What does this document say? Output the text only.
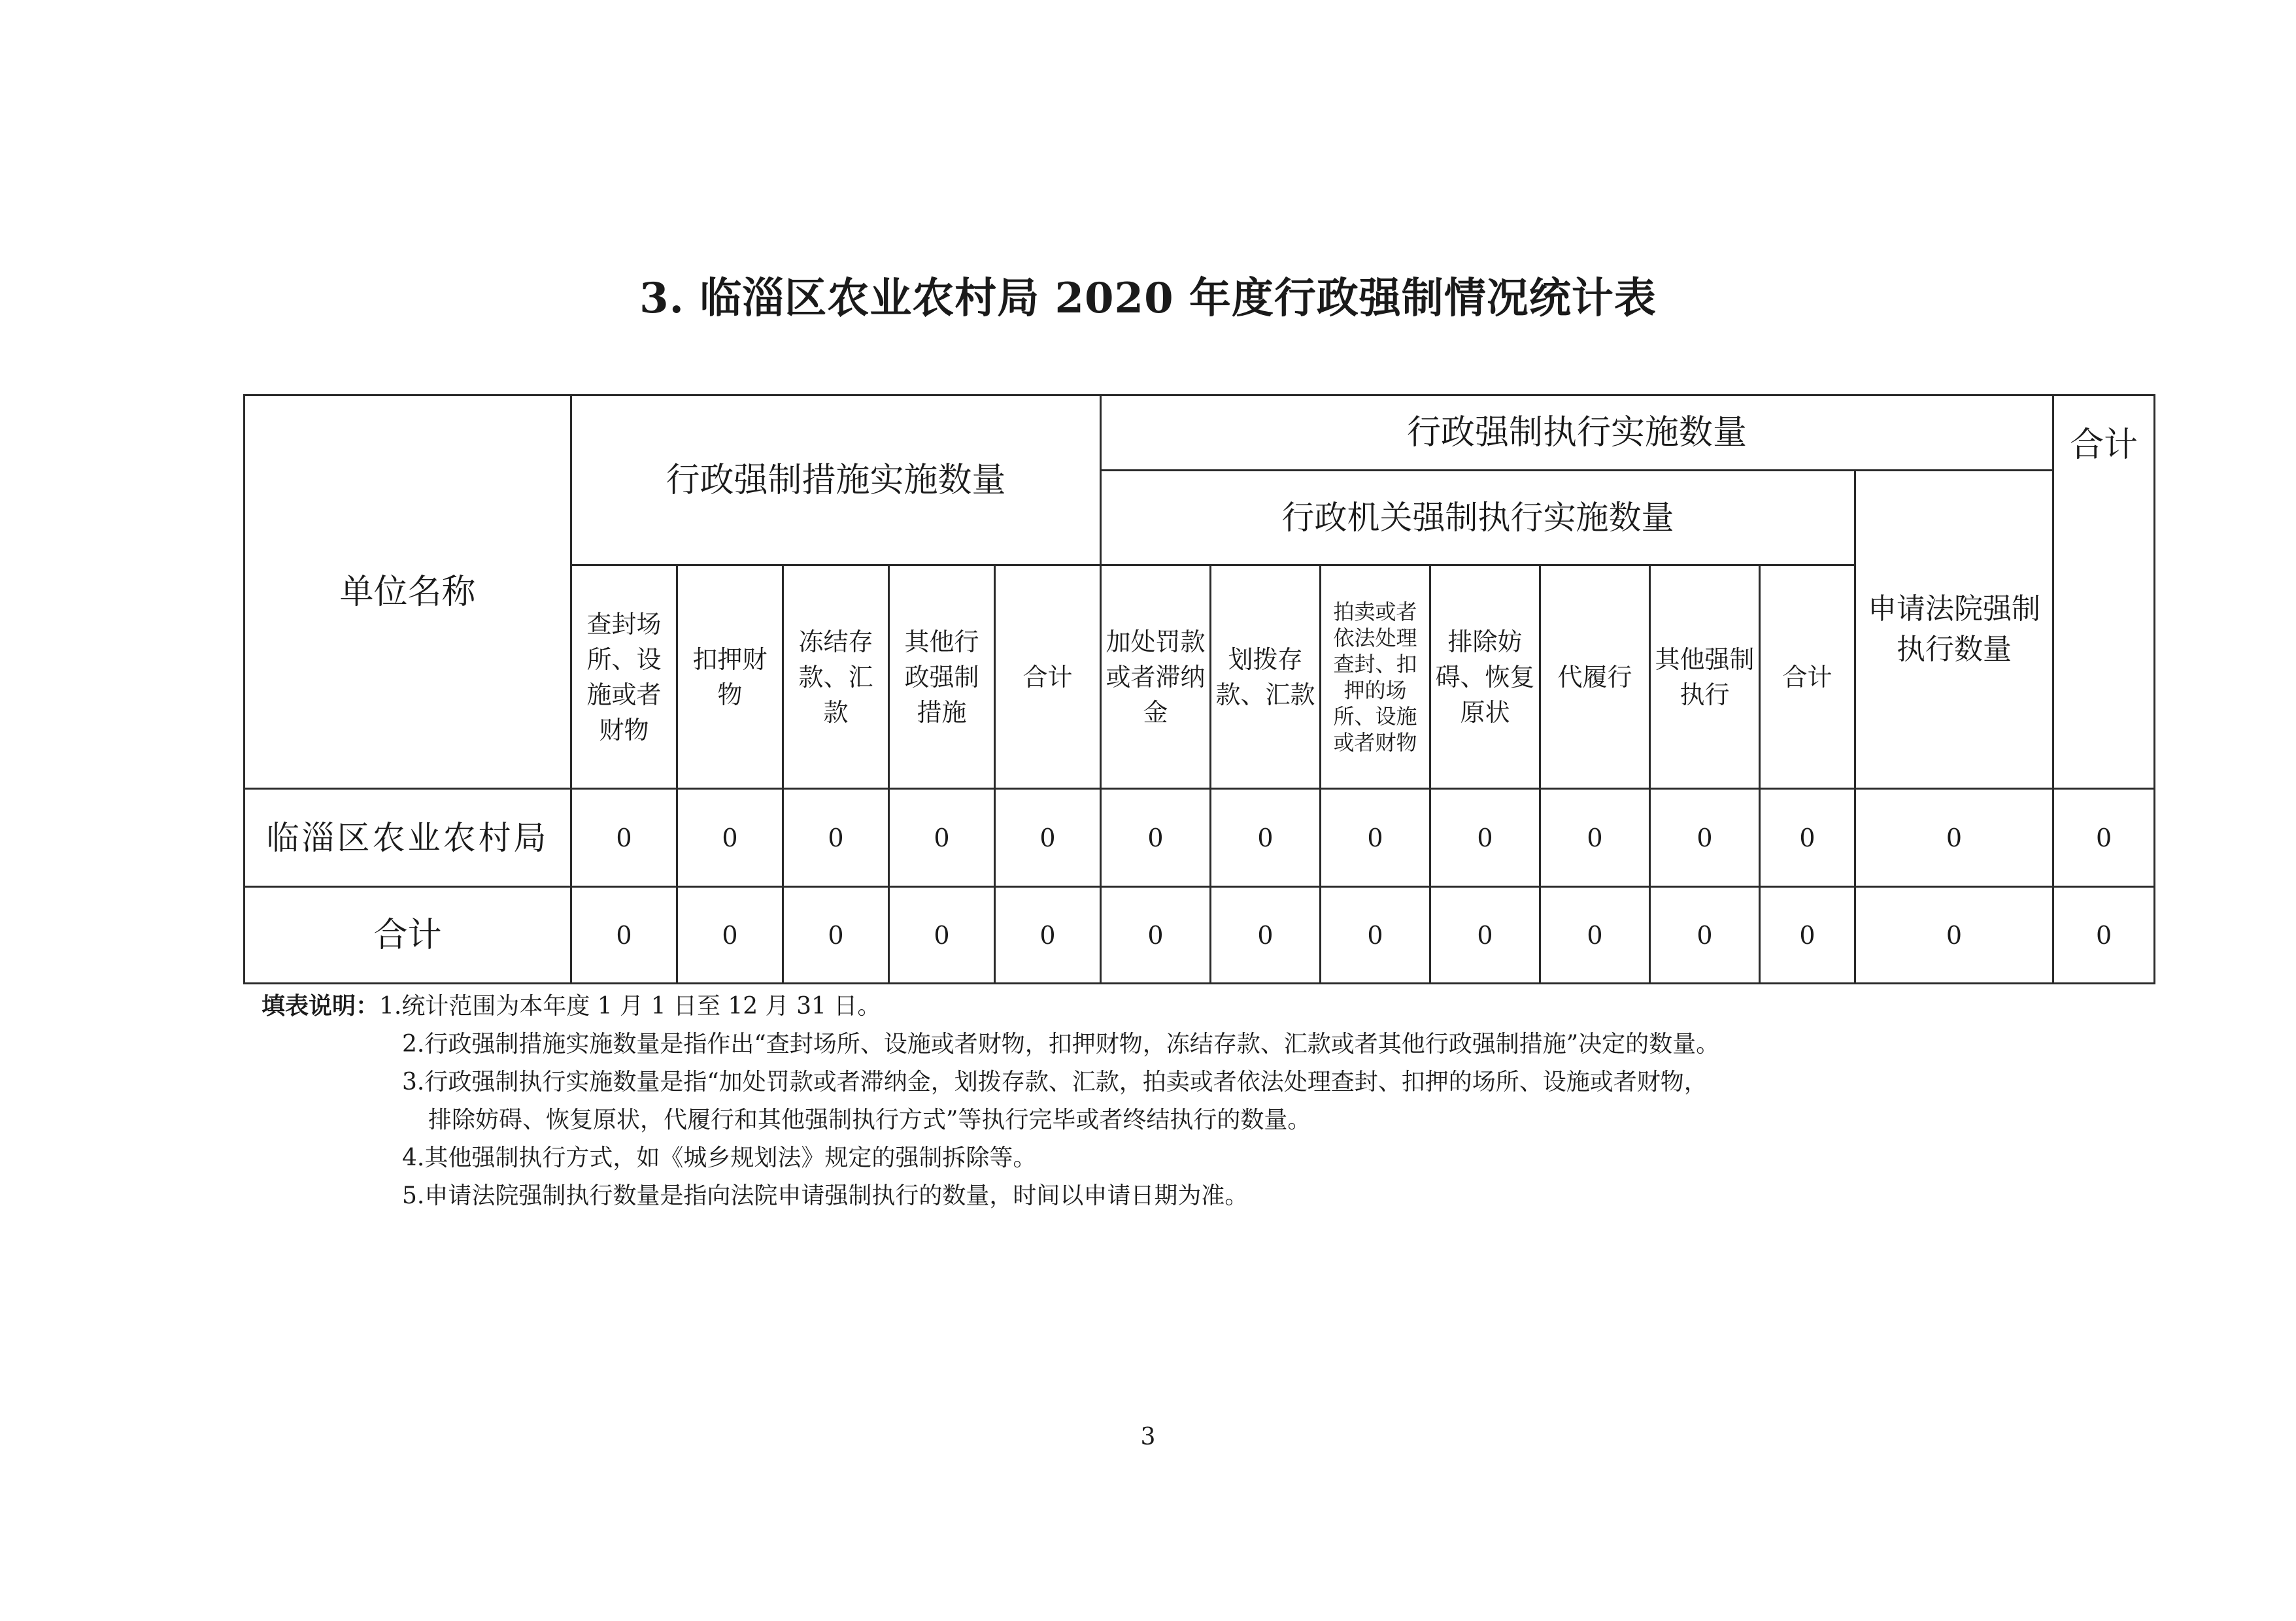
3. 临淄区农业农村局 2020 年度行政强制情况统计表
单位名称	行政强制措施实施数量					行政强制执行实施数量								合计
						行政机关强制执行实施数量							申请法院强制执行数量	
	查封场所、设施或者财物	扣押财物	冻结存款、汇款	其他行政强制措施	合计	加处罚款或者滞纳金	划拨存款、汇款	拍卖或者依法处理查封、扣押的场所、设施或者财物	排除妨碍、恢复原状	代履行	其他强制执行	合计		
临淄区农业农村局	0	0	0	0	0	0	0	0	0	0	0	0	0	0
合计	0	0	0	0	0	0	0	0	0	0	0	0	0	0
填表说明：1.统计范围为本年度 1 月 1 日至 12 月 31 日。
2.行政强制措施实施数量是指作出“查封场所、设施或者财物，扣押财物，冻结存款、汇款或者其他行政强制措施”决定的数量。
3.行政强制执行实施数量是指“加处罚款或者滞纳金，划拨存款、汇款，拍卖或者依法处理查封、扣押的场所、设施或者财物，
排除妨碍、恢复原状，代履行和其他强制执行方式”等执行完毕或者终结执行的数量。
4.其他强制执行方式，如《城乡规划法》规定的强制拆除等。
5.申请法院强制执行数量是指向法院申请强制执行的数量，时间以申请日期为准。
3
